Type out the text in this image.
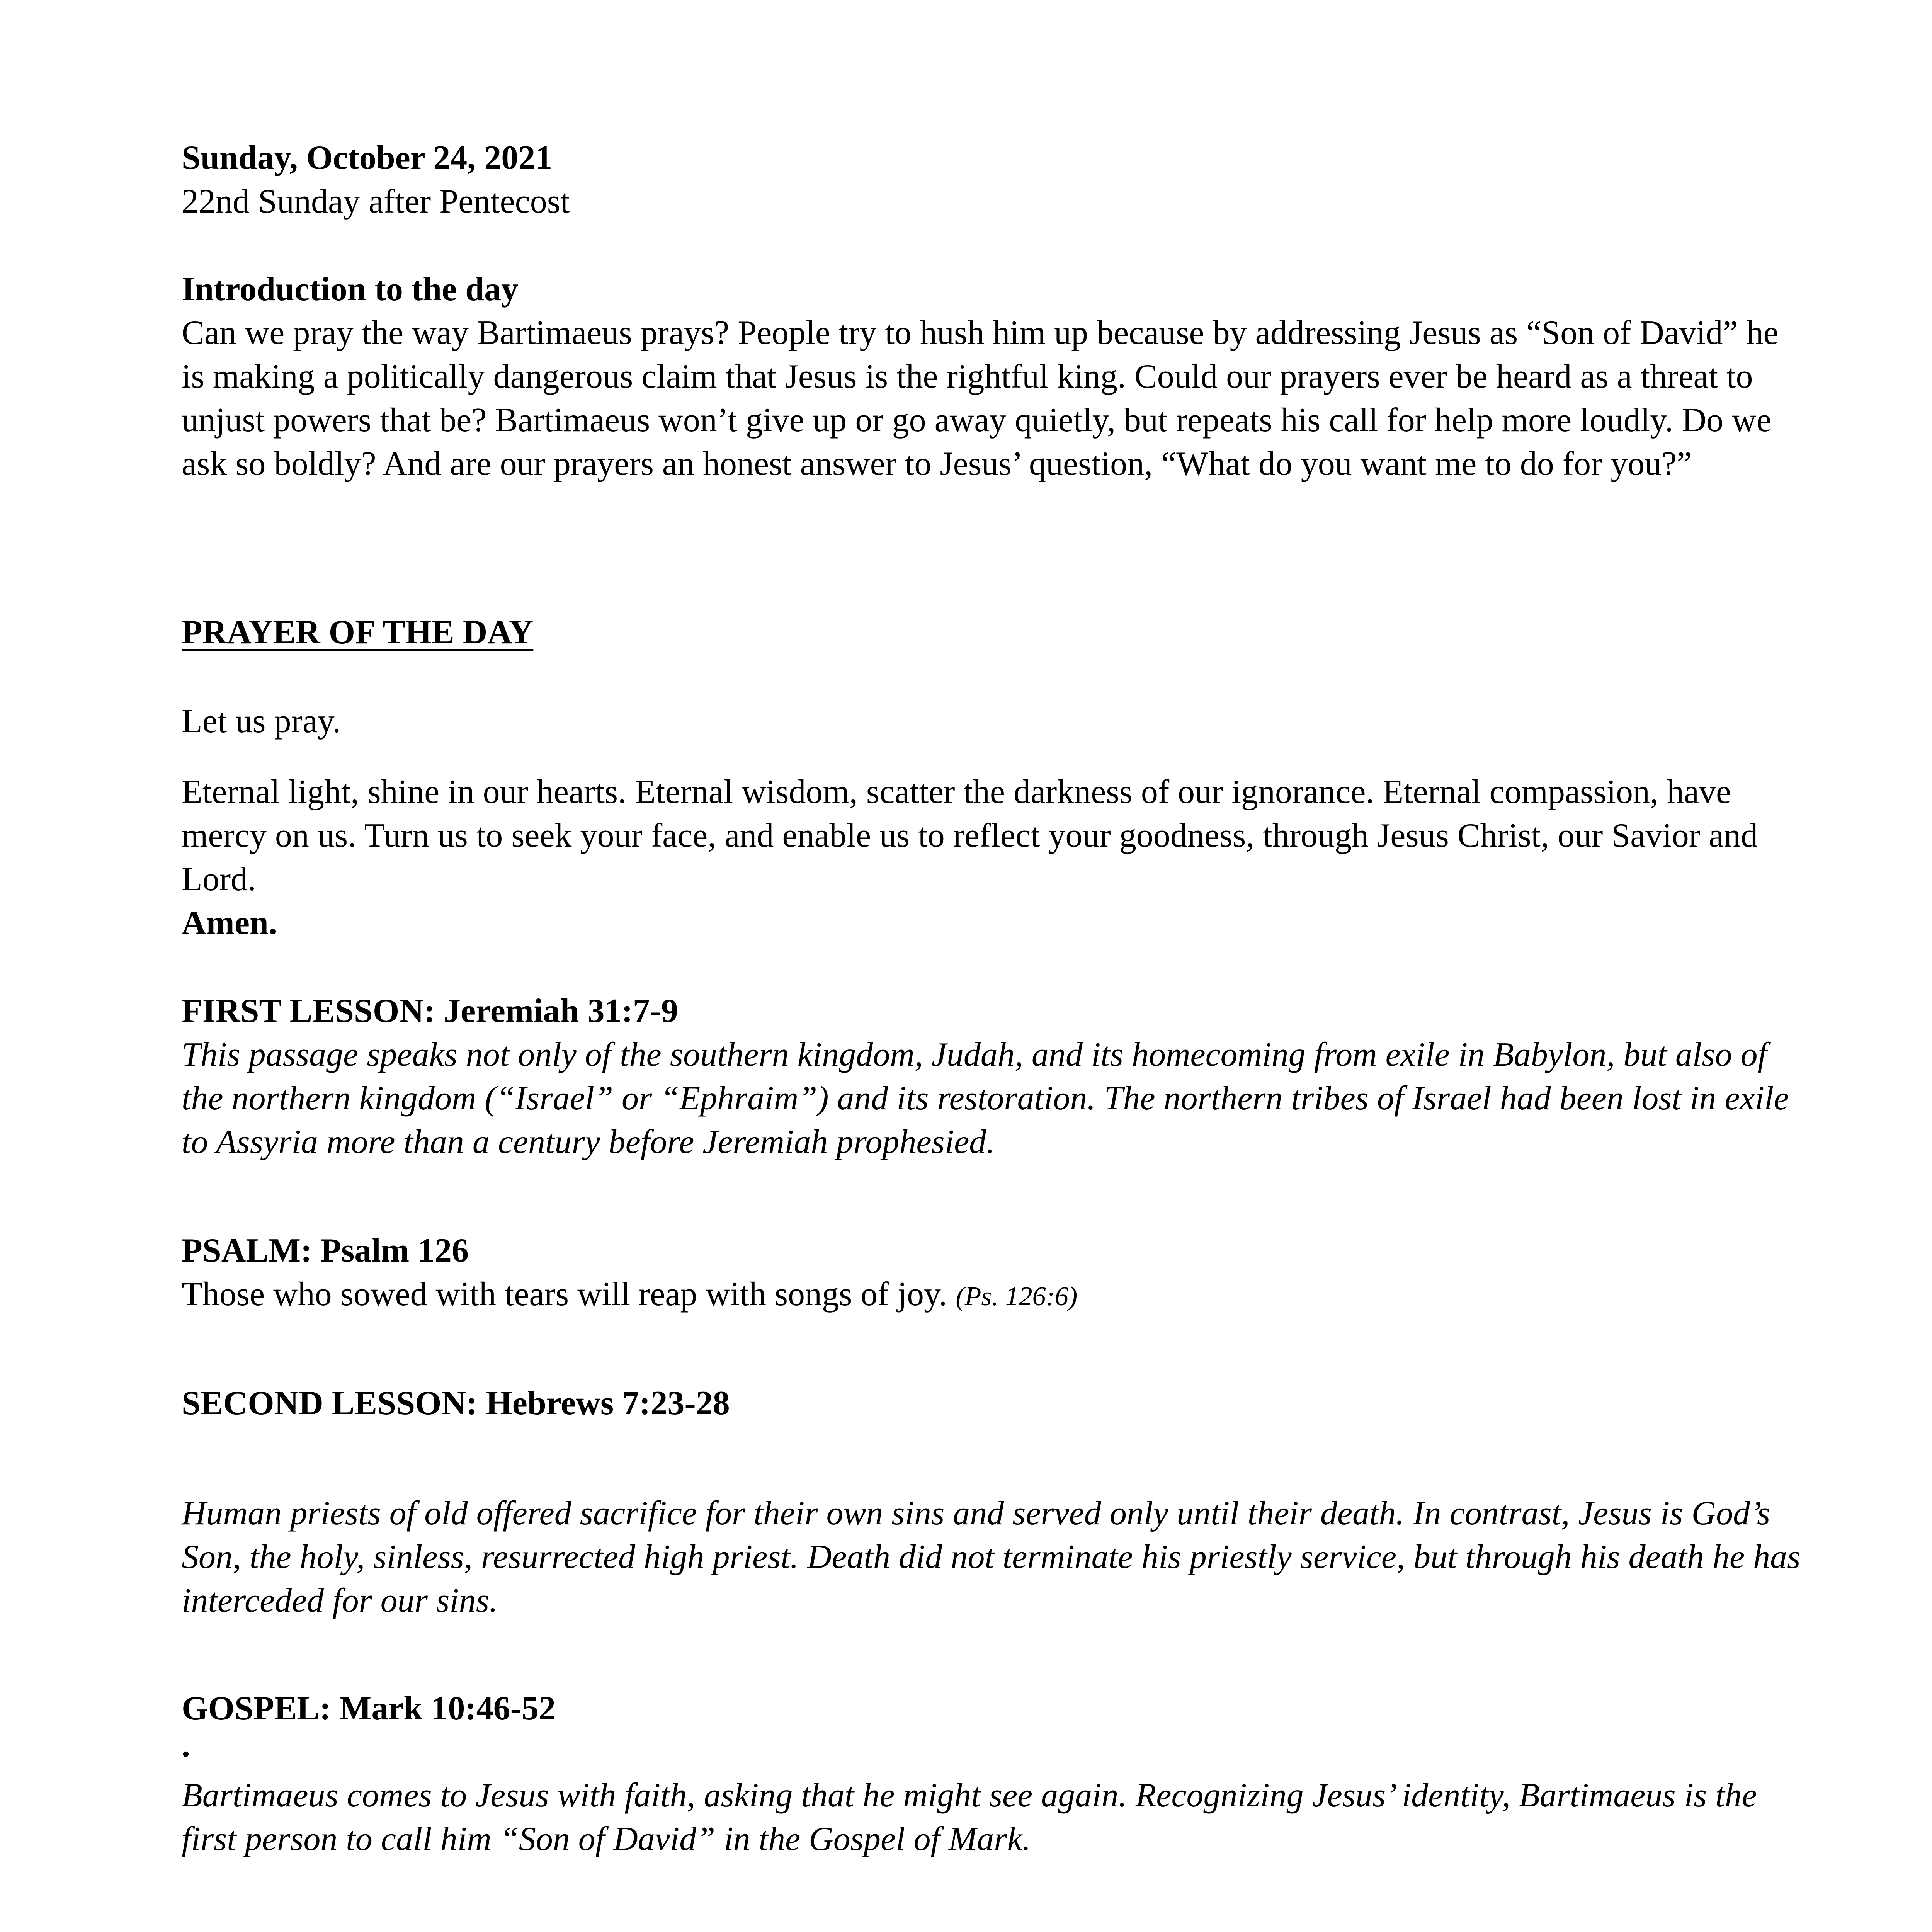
Sunday, October 24, 2021

22nd Sunday after Pentecost

Introduction to the day

Can we pray the way Bartimaeus prays? People try to hush him up because by addressing Jesus as “Son of David” he is making a politically dangerous claim that Jesus is the rightful king. Could our prayers ever be heard as a threat to unjust powers that be? Bartimaeus won’t give up or go away quietly, but repeats his call for help more loudly. Do we ask so boldly? And are our prayers an honest answer to Jesus’ question, “What do you want me to do for you?”

PRAYER OF THE DAY

Let us pray.

Eternal light, shine in our hearts. Eternal wisdom, scatter the darkness of our ignorance. Eternal compassion, have mercy on us. Turn us to seek your face, and enable us to reflect your goodness, through Jesus Christ, our Savior and Lord.

Amen.

FIRST LESSON: Jeremiah 31:7-9

This passage speaks not only of the southern kingdom, Judah, and its homecoming from exile in Babylon, but also of the northern kingdom (“Israel” or “Ephraim”) and its restoration. The northern tribes of Israel had been lost in exile to Assyria more than a century before Jeremiah prophesied.

PSALM: Psalm 126

Those who sowed with tears will reap with songs of joy. (Ps. 126:6)

SECOND LESSON: Hebrews 7:23-28

Human priests of old offered sacrifice for their own sins and served only until their death. In contrast, Jesus is God’s Son, the holy, sinless, resurrected high priest. Death did not terminate his priestly service, but through his death he has interceded for our sins.

GOSPEL: Mark 10:46-52

.

Bartimaeus comes to Jesus with faith, asking that he might see again. Recognizing Jesus’ identity, Bartimaeus is the first person to call him “Son of David” in the Gospel of Mark.
